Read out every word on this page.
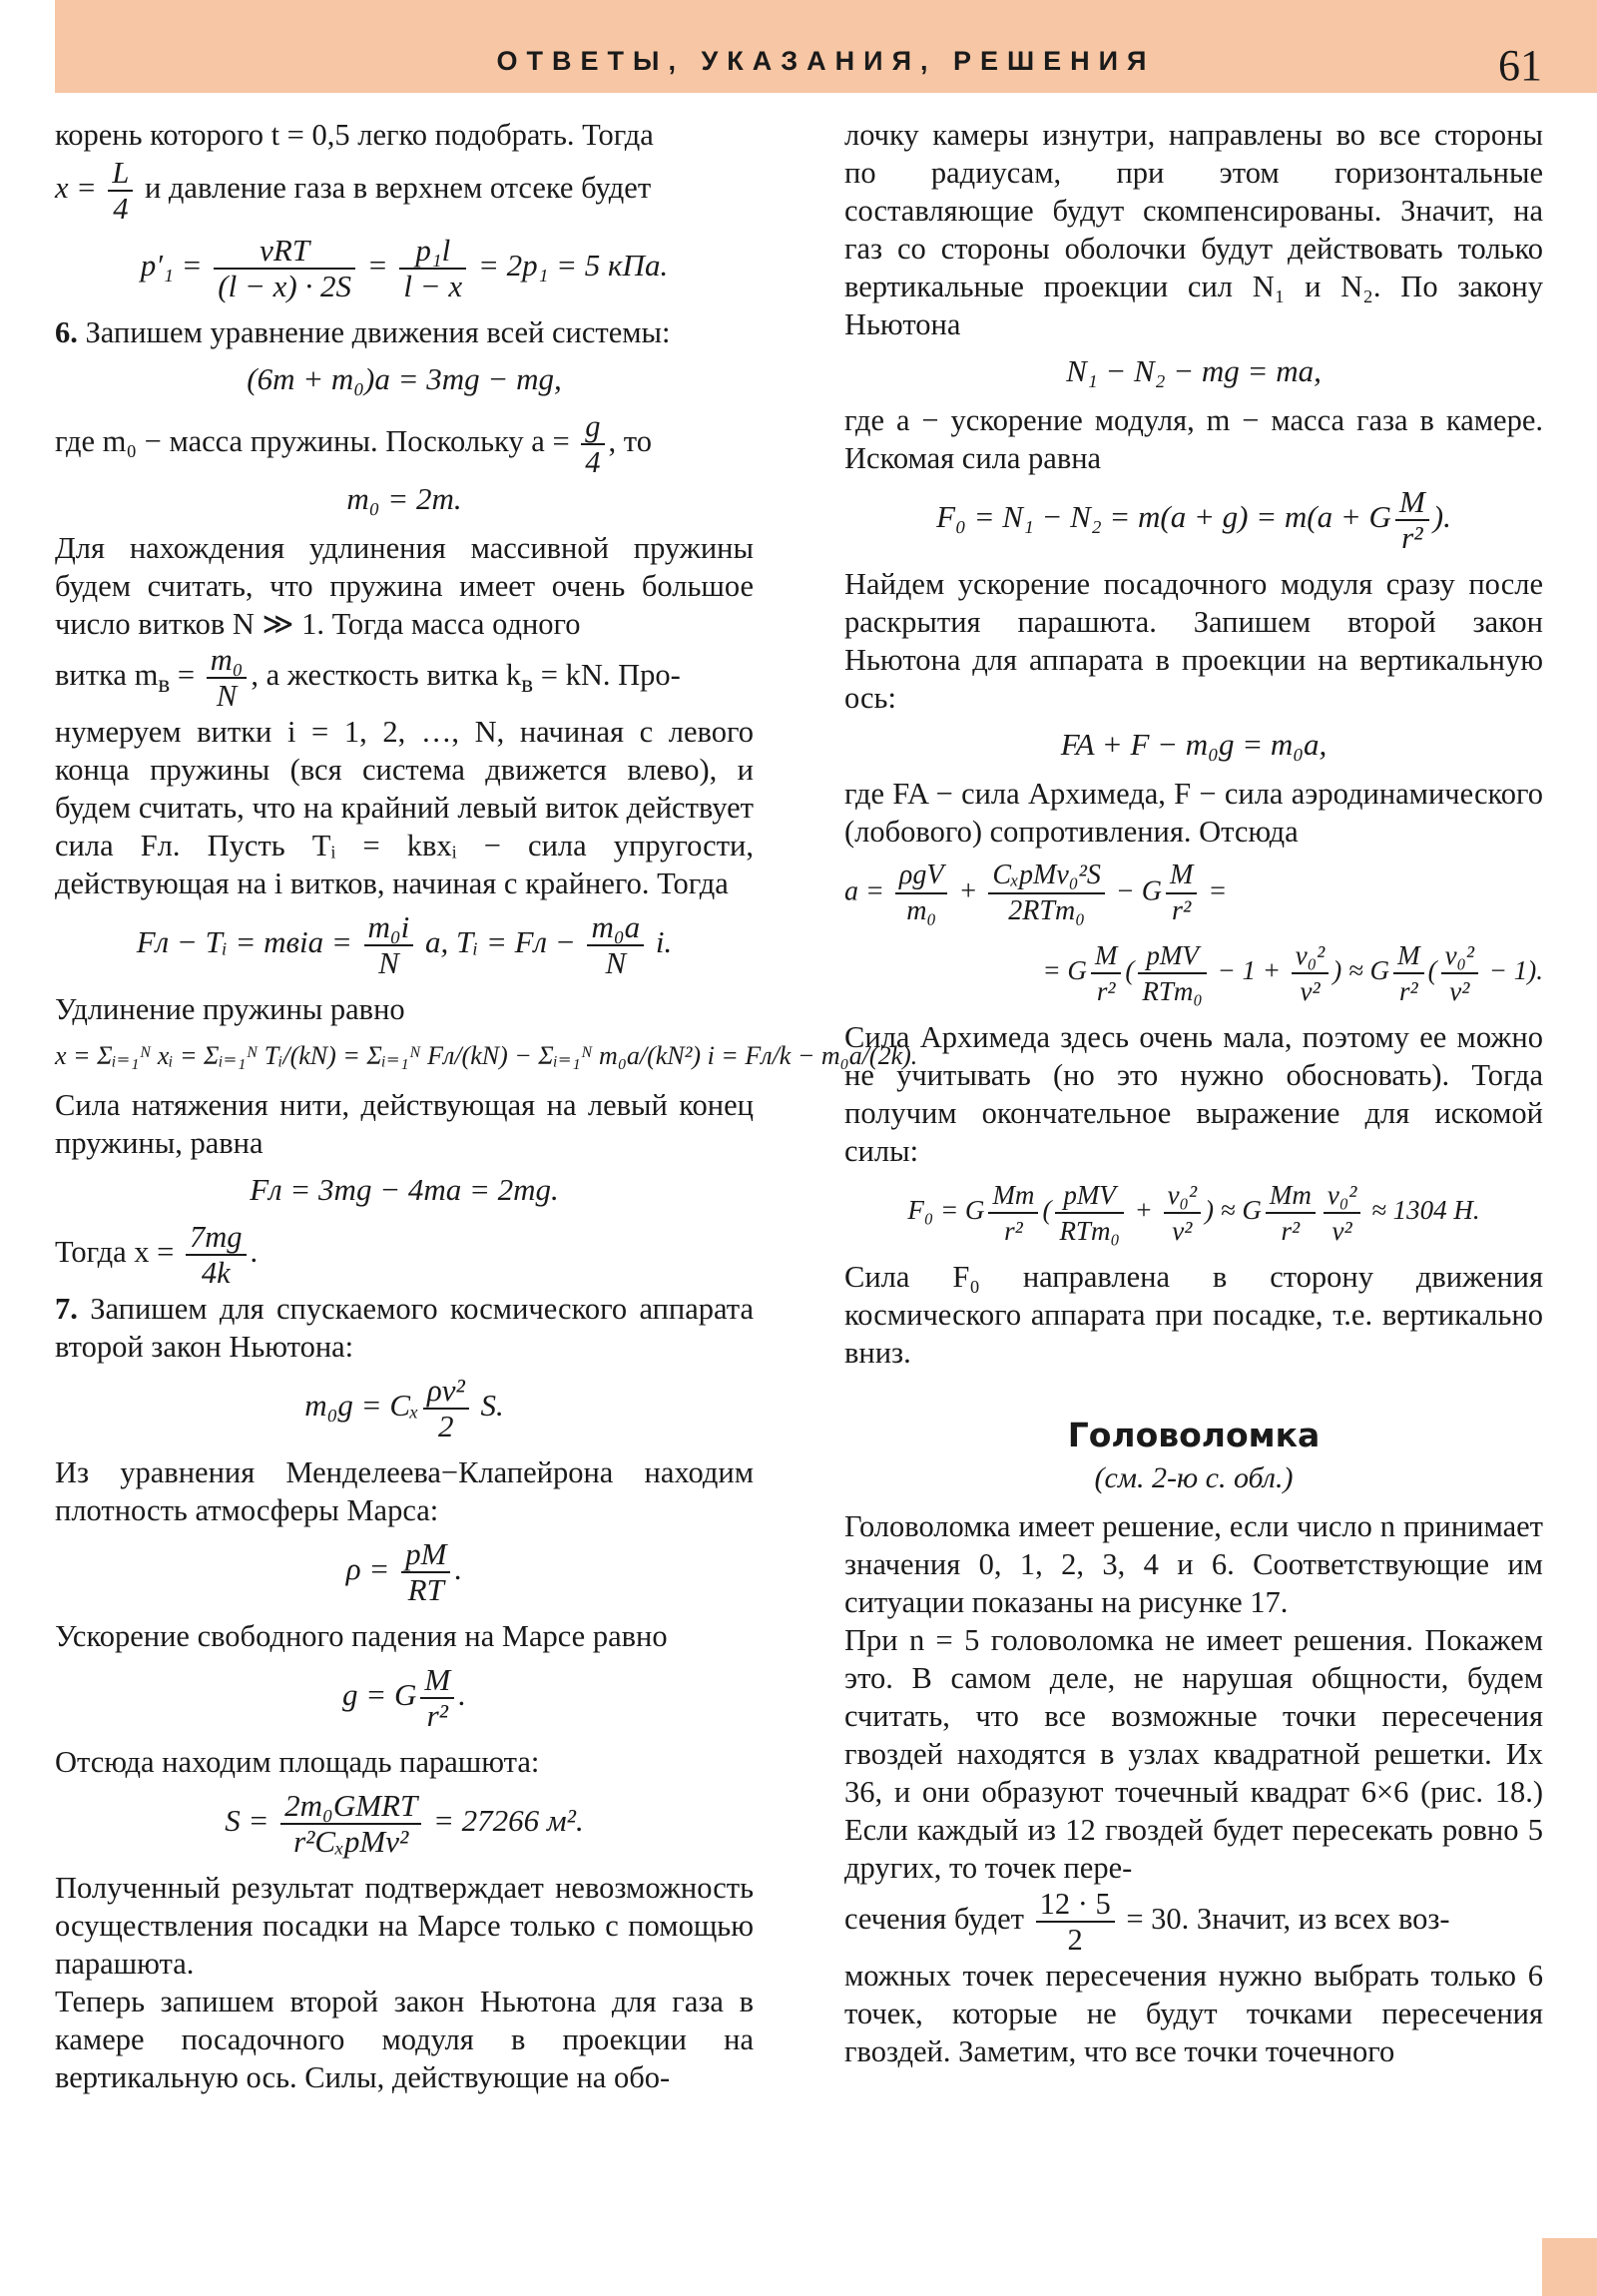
ОТВЕТЫ, УКАЗАНИЯ, РЕШЕНИЯ	61

корень которого t = 0,5 легко подобрать. Тогда

$x = \frac{L}{4}$ и давление газа в верхнем отсеке будет

$p'_1 = \frac{\text{νRT}}{(l - x) \cdot 2S} = \frac{\text{p₁l}}{l - x} = 2p_1 = 5$ кПа.

6. Запишем уравнение движения всей системы:

(6m + m₀)a = 3mg − mg,

где m₀ − масса пружины. Поскольку $a = \frac{g}{4}$ , то

m₀ = 2m.

Для нахождения удлинения массивной пружины будем считать, что пружина имеет очень большое число витков N ≫ 1. Тогда масса одного

витка $m_в = \frac{\text{m₀}}{N}$ , а жесткость витка $k_в$ = kN. Про-

нумеруем витки i = 1, 2, …, N, начиная с левого конца пружины (вся система движется влево), и будем считать, что на крайний левый виток действует сила Fл. Пусть Tᵢ = kвxᵢ − сила упругости, действующая на i витков, начиная с крайнего. Тогда

Fл − Tᵢ = mвia = $\frac{\text{m₀i}}{N} a$, Tᵢ = Fл − $\frac{\text{m₀a}}{N} i$.

Удлинение пружины равно

x = Σᵢ₌₁ᴺ xᵢ = Σᵢ₌₁ᴺ Tᵢ/(kN) = Σᵢ₌₁ᴺ Fл/(kN) − Σᵢ₌₁ᴺ m₀a/(kN²) i = Fл/k − m₀a/(2k).

Сила натяжения нити, действующая на левый конец пружины, равна

Fл = 3mg − 4ma = 2mg.

Тогда $x = \frac{7mg}{4k}$ .

7. Запишем для спускаемого космического аппарата второй закон Ньютона:

m₀g = Cₓ $\frac{\text{ρv²}}{2} S$.

Из уравнения Менделеева−Клапейрона находим плотность атмосферы Марса:

$\rho = \frac{pM}{RT}$ .

Ускорение свободного падения на Марсе равно

g = G $\frac{M}{\text{r²}}$ .

Отсюда находим площадь парашюта:

$S = \frac{\text{2m₀GMRT}}{\text{r²CₓpMv²}} = 27266$ м².

Полученный результат подтверждает невозможность осуществления посадки на Марсе только с помощью парашюта.

Теперь запишем второй закон Ньютона для газа в камере посадочного модуля в проекции на вертикальную ось. Силы, действующие на обо-

лочку камеры изнутри, направлены во все стороны по радиусам, при этом горизонтальные составляющие будут скомпенсированы. Значит, на газ со стороны оболочки будут действовать только вертикальные проекции сил N₁ и N₂. По закону Ньютона

N₁ − N₂ − mg = ma,

где a − ускорение модуля, m − масса газа в камере. Искомая сила равна

F₀ = N₁ − N₂ = m(a + g) = m(a + G $\frac{M}{\text{r²}}$ ).

Найдем ускорение посадочного модуля сразу после раскрытия парашюта. Запишем второй закон Ньютона для аппарата в проекции на вертикальную ось:

FA + F − m₀g = m₀a,

где FA − сила Архимеда, F − сила аэродинамического (лобового) сопротивления. Отсюда

$a = \frac{\text{ρgV}}{\text{m₀}} + \frac{\text{CₓpMv₀²S}}{\text{2RTm₀}} - G \frac{M}{\text{r²}}$ =
= G $\frac{M}{\text{r²}}$ ( $\frac{\text{pMV}}{\text{RTm₀}} - 1 + \frac{\text{v₀²}}{\text{v²}}$ ) ≈ G $\frac{M}{\text{r²}}$ ( $\frac{\text{v₀²}}{\text{v²}} - 1$).

Сила Архимеда здесь очень мала, поэтому ее можно не учитывать (но это нужно обосновать). Тогда получим окончательное выражение для искомой силы:

F₀ = G $\frac{Mm}{\text{r²}}$ ( $\frac{\text{pMV}}{\text{RTm₀}} + \frac{\text{v₀²}}{\text{v²}}$ ) ≈ G $\frac{Mm}{\text{r²}} \frac{\text{v₀²}}{\text{v²}} \approx 1304$ Н.

Сила F₀ направлена в сторону движения космического аппарата при посадке, т.е. вертикально вниз.

Головоломка
(см. 2-ю с. обл.)

Головоломка имеет решение, если число n принимает значения 0, 1, 2, 3, 4 и 6. Соответствующие им ситуации показаны на рисунке 17.

При n = 5 головоломка не имеет решения. Покажем это. В самом деле, не нарушая общности, будем считать, что все возможные точки пересечения гвоздей находятся в узлах квадратной решетки. Их 36, и они образуют точечный квадрат 6×6 (рис. 18.) Если каждый из 12 гвоздей будет пересекать ровно 5 других, то точек пере-

сечения будет $\frac{12 \cdot 5}{2} = 30$. Значит, из всех воз-

можных точек пересечения нужно выбрать только 6 точек, которые не будут точками пересечения гвоздей. Заметим, что все точки точечного
